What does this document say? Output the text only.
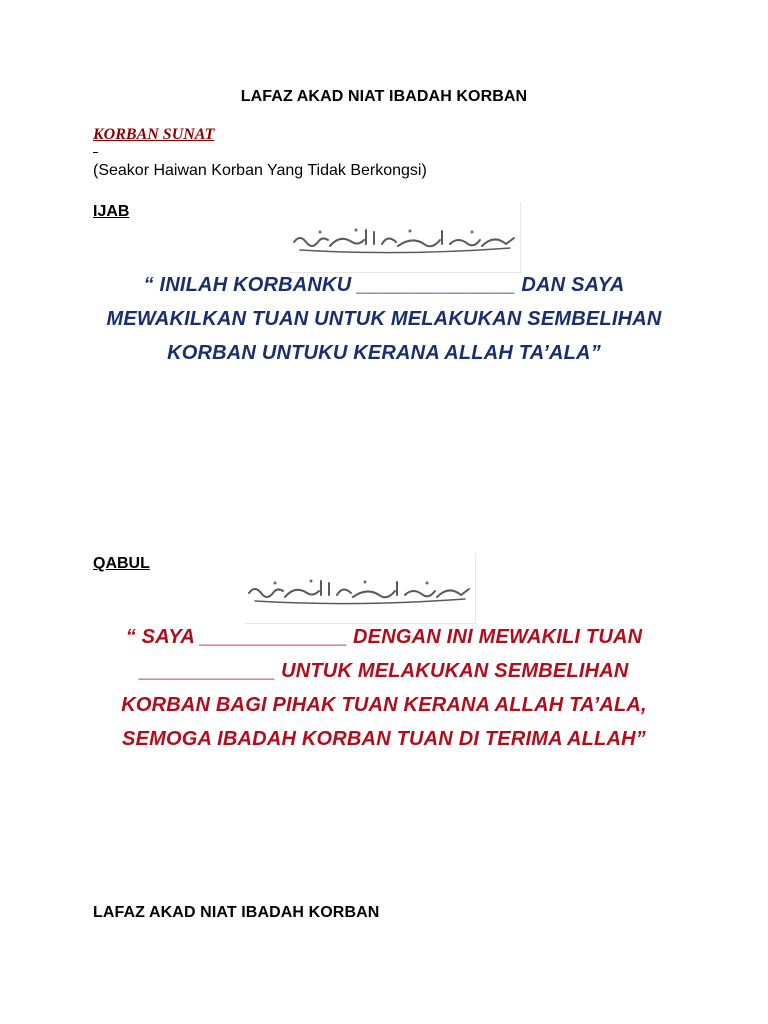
LAFAZ AKAD NIAT IBADAH KORBAN
KORBAN SUNAT
(Seakor Haiwan Korban Yang Tidak Berkongsi)
IJAB
“ INILAH KORBANKU ______________ DAN SAYA
MEWAKILKAN TUAN UNTUK MELAKUKAN SEMBELIHAN
KORBAN UNTUKU KERANA ALLAH TA’ALA”
QABUL
“ SAYA _____________ DENGAN INI MEWAKILI TUAN
____________ UNTUK MELAKUKAN SEMBELIHAN
KORBAN BAGI PIHAK TUAN KERANA ALLAH TA’ALA,
SEMOGA IBADAH KORBAN TUAN DI TERIMA ALLAH”
LAFAZ AKAD NIAT IBADAH KORBAN
